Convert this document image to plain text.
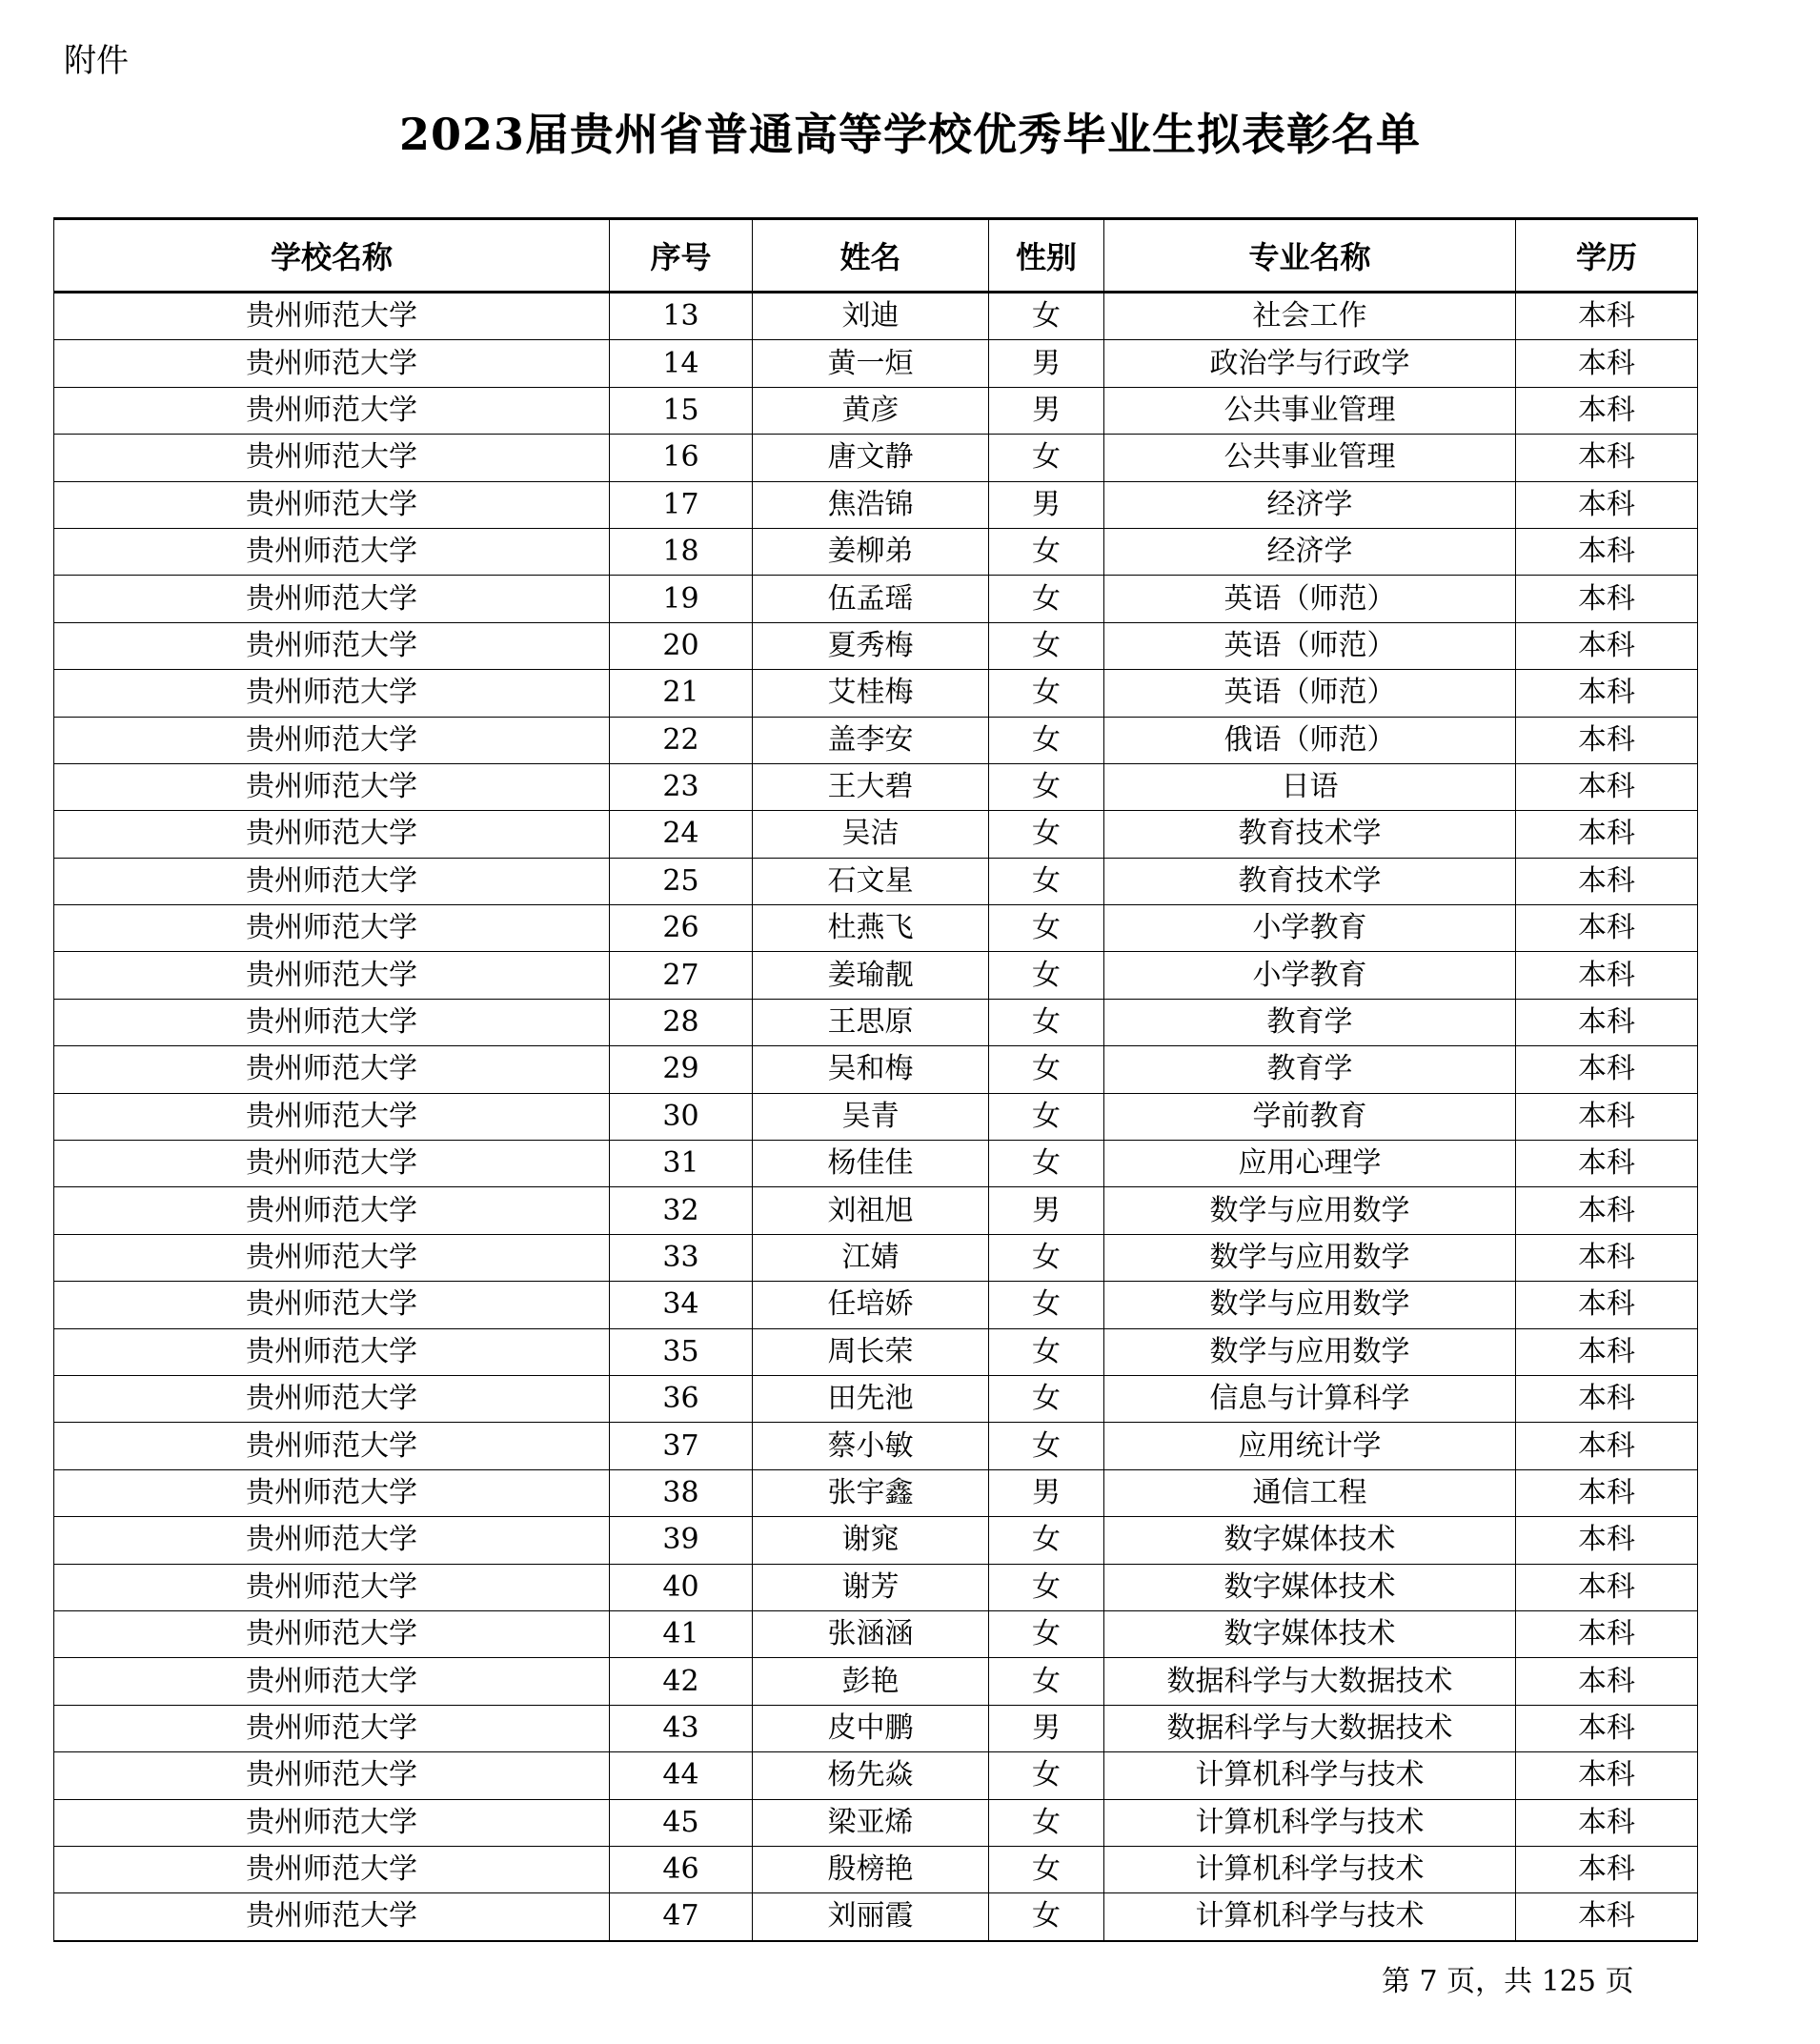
附件
2023届贵州省普通高等学校优秀毕业生拟表彰名单
学校名称	序号	姓名	性别	专业名称	学历
贵州师范大学	13	刘迪	女	社会工作	本科
贵州师范大学	14	黄一烜	男	政治学与行政学	本科
贵州师范大学	15	黄彦	男	公共事业管理	本科
贵州师范大学	16	唐文静	女	公共事业管理	本科
贵州师范大学	17	焦浩锦	男	经济学	本科
贵州师范大学	18	姜柳弟	女	经济学	本科
贵州师范大学	19	伍孟瑶	女	英语（师范）	本科
贵州师范大学	20	夏秀梅	女	英语（师范）	本科
贵州师范大学	21	艾桂梅	女	英语（师范）	本科
贵州师范大学	22	盖李安	女	俄语（师范）	本科
贵州师范大学	23	王大碧	女	日语	本科
贵州师范大学	24	吴洁	女	教育技术学	本科
贵州师范大学	25	石文星	女	教育技术学	本科
贵州师范大学	26	杜燕飞	女	小学教育	本科
贵州师范大学	27	姜瑜靓	女	小学教育	本科
贵州师范大学	28	王思原	女	教育学	本科
贵州师范大学	29	吴和梅	女	教育学	本科
贵州师范大学	30	吴青	女	学前教育	本科
贵州师范大学	31	杨佳佳	女	应用心理学	本科
贵州师范大学	32	刘祖旭	男	数学与应用数学	本科
贵州师范大学	33	江婧	女	数学与应用数学	本科
贵州师范大学	34	任培娇	女	数学与应用数学	本科
贵州师范大学	35	周长荣	女	数学与应用数学	本科
贵州师范大学	36	田先池	女	信息与计算科学	本科
贵州师范大学	37	蔡小敏	女	应用统计学	本科
贵州师范大学	38	张宇鑫	男	通信工程	本科
贵州师范大学	39	谢窕	女	数字媒体技术	本科
贵州师范大学	40	谢芳	女	数字媒体技术	本科
贵州师范大学	41	张涵涵	女	数字媒体技术	本科
贵州师范大学	42	彭艳	女	数据科学与大数据技术	本科
贵州师范大学	43	皮中鹏	男	数据科学与大数据技术	本科
贵州师范大学	44	杨先焱	女	计算机科学与技术	本科
贵州师范大学	45	梁亚烯	女	计算机科学与技术	本科
贵州师范大学	46	殷榜艳	女	计算机科学与技术	本科
贵州师范大学	47	刘丽霞	女	计算机科学与技术	本科
第 7 页，共 125 页
